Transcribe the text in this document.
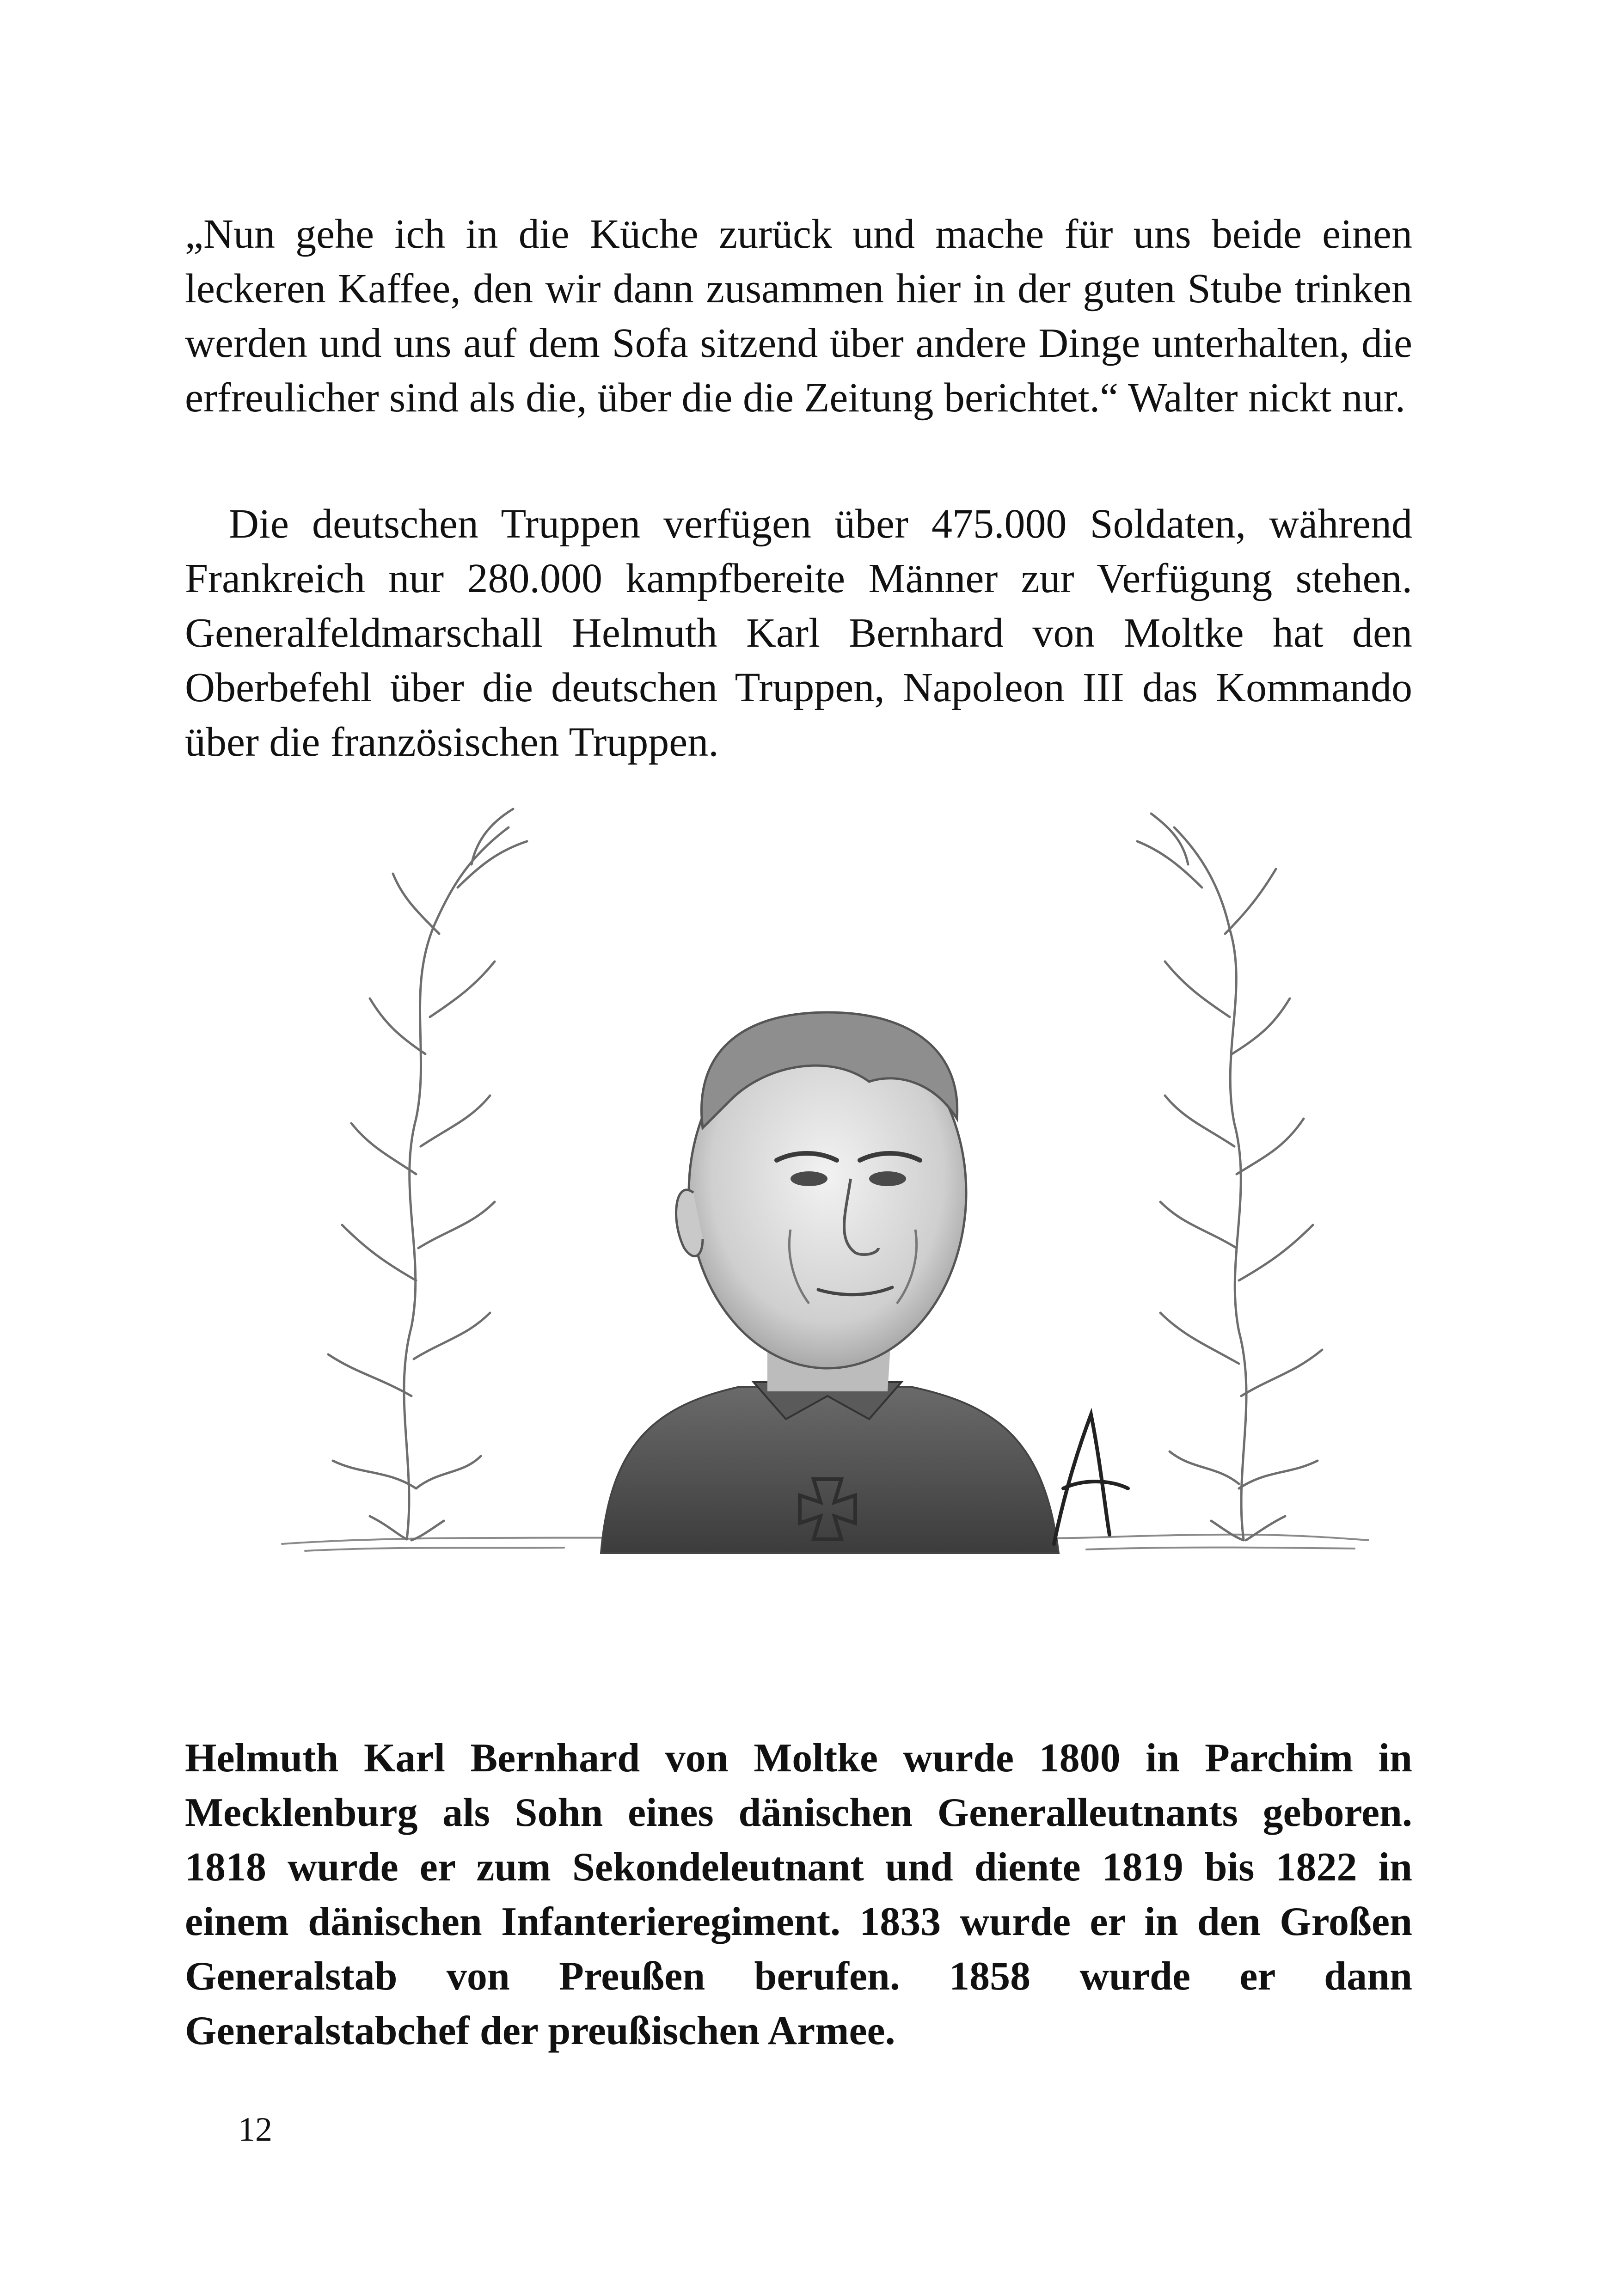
„Nun gehe ich in die Küche zurück und mache für uns beide einen leckeren Kaffee, den wir dann zusammen hier in der guten Stube trinken werden und uns auf dem Sofa sitzend über andere Dinge unterhalten, die erfreulicher sind als die, über die die Zeitung berichtet.“ Walter nickt nur.

Die deutschen Truppen verfügen über 475.000 Soldaten, während Frankreich nur 280.000 kampfbereite Männer zur Verfügung stehen. Generalfeldmarschall Helmuth Karl Bernhard von Moltke hat den Oberbefehl über die deutschen Truppen, Napoleon III das Kommando über die französischen Truppen.

Helmuth Karl Bernhard von Moltke wurde 1800 in Parchim in Mecklenburg als Sohn eines dänischen Generalleutnants geboren. 1818 wurde er zum Sekondeleutnant und diente 1819 bis 1822 in einem dänischen Infanterieregiment. 1833 wurde er in den Großen Generalstab von Preußen berufen. 1858 wurde er dann Generalstabchef der preußischen Armee.

12
